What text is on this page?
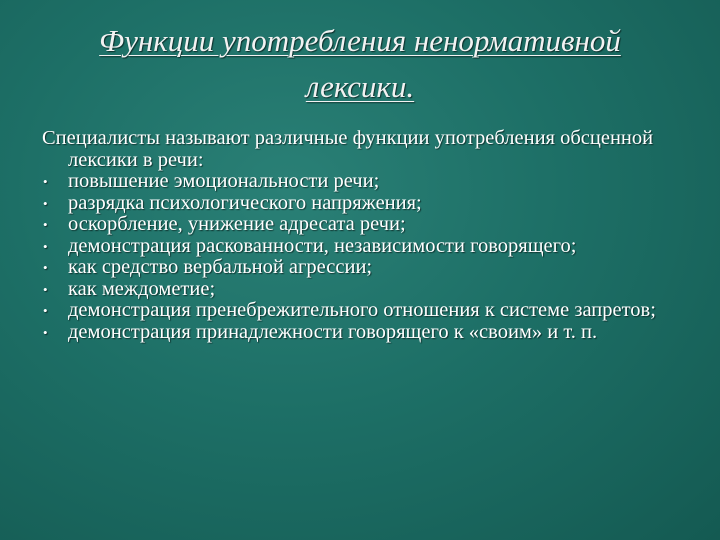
Функции употребления ненормативной лексики.

Специалисты называют различные функции употребления обсценной лексики в речи:

• повышение эмоциональности речи;
• разрядка психологического напряжения;
• оскорбление, унижение адресата речи;
• демонстрация раскованности, независимости говорящего;
• как средство вербальной агрессии;
• как междометие;
• демонстрация пренебрежительного отношения к системе запретов;
• демонстрация принадлежности говорящего к «своим» и т. п.
